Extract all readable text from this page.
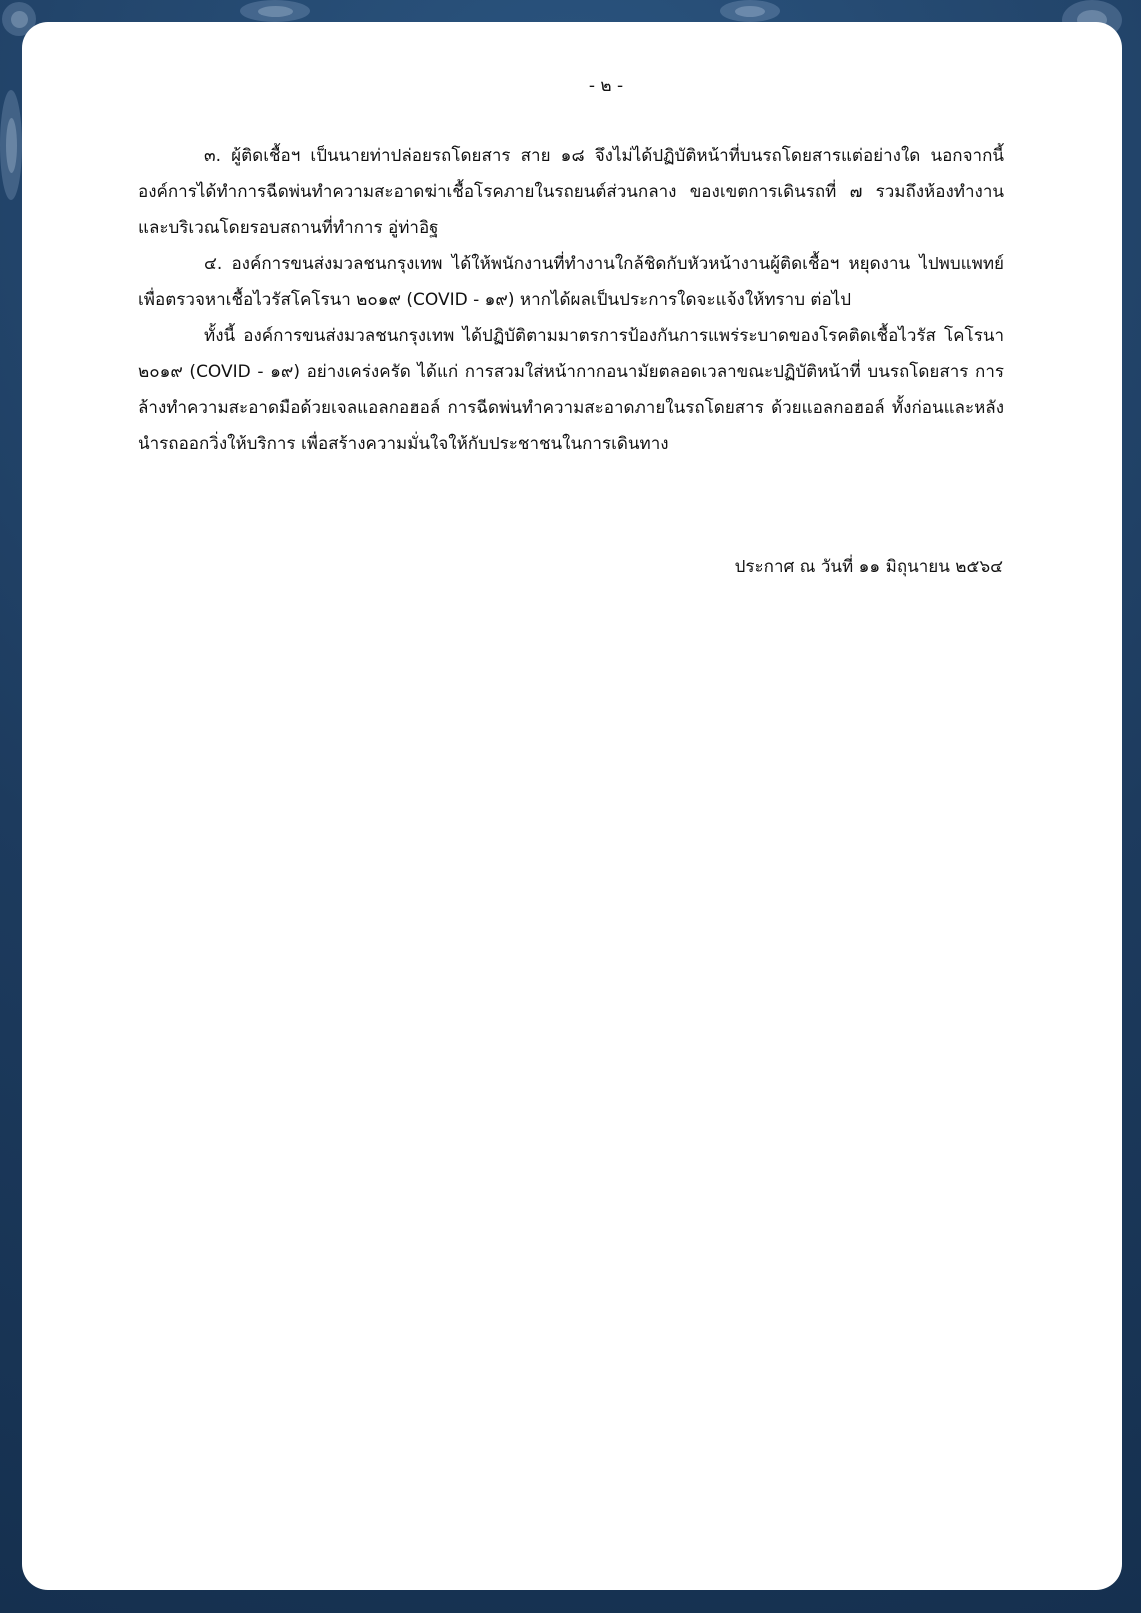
- ๒ -

๓. ผู้ติดเชื้อฯ เป็นนายท่าปล่อยรถโดยสาร สาย ๑๘ จึงไม่ได้ปฏิบัติหน้าที่บนรถโดยสารแต่อย่างใด นอกจากนี้ องค์การได้ทำการฉีดพ่นทำความสะอาดฆ่าเชื้อโรคภายในรถยนต์ส่วนกลาง ของเขตการเดินรถที่ ๗ รวมถึงห้องทำงาน และบริเวณโดยรอบสถานที่ทำการ อู่ท่าอิฐ

๔. องค์การขนส่งมวลชนกรุงเทพ ได้ให้พนักงานที่ทำงานใกล้ชิดกับหัวหน้างานผู้ติดเชื้อฯ หยุดงาน ไปพบแพทย์ เพื่อตรวจหาเชื้อไวรัสโคโรนา ๒๐๑๙ (COVID - ๑๙) หากได้ผลเป็นประการใดจะแจ้งให้ทราบ ต่อไป

ทั้งนี้ องค์การขนส่งมวลชนกรุงเทพ ได้ปฏิบัติตามมาตรการป้องกันการแพร่ระบาดของโรคติดเชื้อไวรัส โคโรนา ๒๐๑๙ (COVID - ๑๙) อย่างเคร่งครัด ได้แก่ การสวมใส่หน้ากากอนามัยตลอดเวลาขณะปฏิบัติหน้าที่ บนรถโดยสาร การล้างทำความสะอาดมือด้วยเจลแอลกอฮอล์ การฉีดพ่นทำความสะอาดภายในรถโดยสาร ด้วยแอลกอฮอล์ ทั้งก่อนและหลังนำรถออกวิ่งให้บริการ เพื่อสร้างความมั่นใจให้กับประชาชนในการเดินทาง

ประกาศ ณ วันที่ ๑๑ มิถุนายน ๒๕๖๔
